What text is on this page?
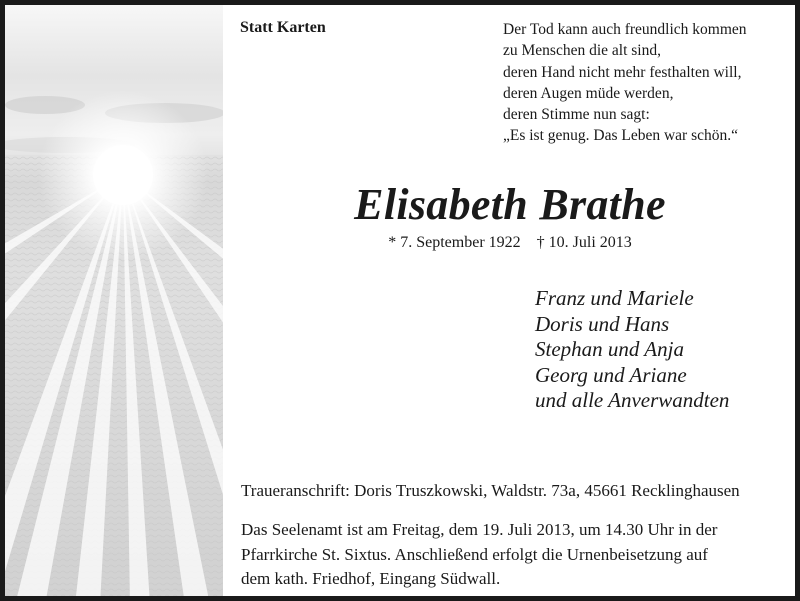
Statt Karten	Der Tod kann auch freundlich kommen
zu Menschen die alt sind,
deren Hand nicht mehr festhalten will,
deren Augen müde werden,
deren Stimme nun sagt:
„Es ist genug. Das Leben war schön.“
Elisabeth Brathe
* 7. September 1922 † 10. Juli 2013
Franz und Mariele
Doris und Hans
Stephan und Anja
Georg und Ariane
und alle Anverwandten
Traueranschrift: Doris Truszkowski, Waldstr. 73a, 45661 Recklinghausen
Das Seelenamt ist am Freitag, dem 19. Juli 2013, um 14.30 Uhr in der
Pfarrkirche St. Sixtus. Anschließend erfolgt die Urnenbeisetzung auf
dem kath. Friedhof, Eingang Südwall.
